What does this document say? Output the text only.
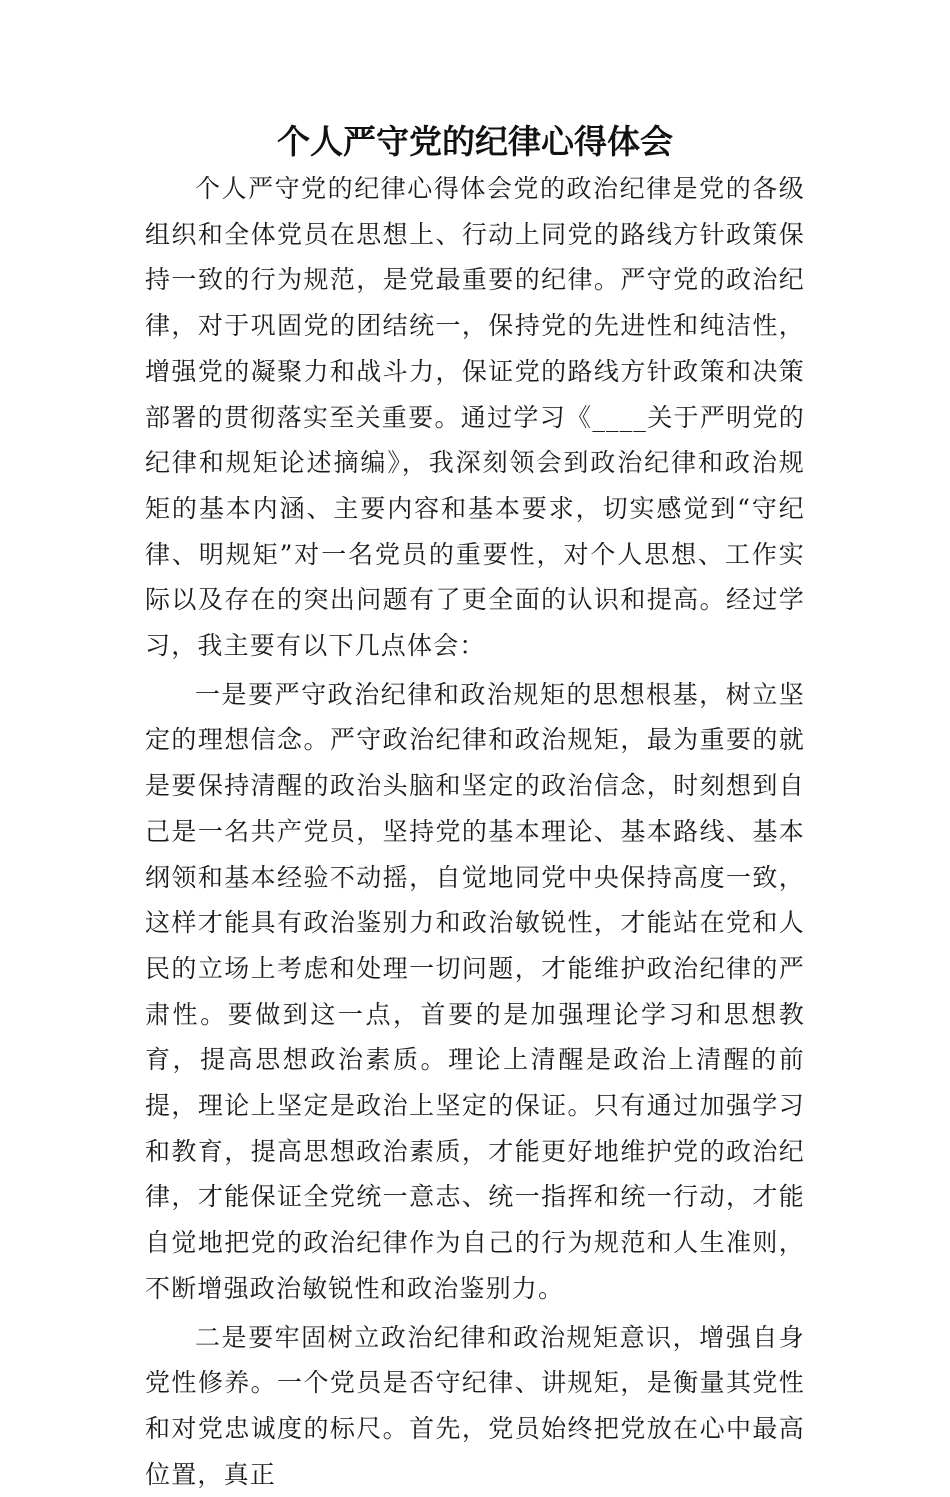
个人严守党的纪律心得体会

个人严守党的纪律心得体会党的政治纪律是党的各级组织和全体党员在思想上、行动上同党的路线方针政策保持一致的行为规范，是党最重要的纪律。严守党的政治纪律，对于巩固党的团结统一，保持党的先进性和纯洁性，增强党的凝聚力和战斗力，保证党的路线方针政策和决策部署的贯彻落实至关重要。通过学习《____关于严明党的纪律和规矩论述摘编》，我深刻领会到政治纪律和政治规矩的基本内涵、主要内容和基本要求，切实感觉到“守纪律、明规矩”对一名党员的重要性，对个人思想、工作实际以及存在的突出问题有了更全面的认识和提高。经过学习，我主要有以下几点体会：

一是要严守政治纪律和政治规矩的思想根基，树立坚定的理想信念。严守政治纪律和政治规矩，最为重要的就是要保持清醒的政治头脑和坚定的政治信念，时刻想到自己是一名共产党员，坚持党的基本理论、基本路线、基本纲领和基本经验不动摇，自觉地同党中央保持高度一致，这样才能具有政治鉴别力和政治敏锐性，才能站在党和人民的立场上考虑和处理一切问题，才能维护政治纪律的严肃性。要做到这一点，首要的是加强理论学习和思想教育，提高思想政治素质。理论上清醒是政治上清醒的前提，理论上坚定是政治上坚定的保证。只有通过加强学习和教育，提高思想政治素质，才能更好地维护党的政治纪律，才能保证全党统一意志、统一指挥和统一行动，才能自觉地把党的政治纪律作为自己的行为规范和人生准则，不断增强政治敏锐性和政治鉴别力。

二是要牢固树立政治纪律和政治规矩意识，增强自身党性修养。一个党员是否守纪律、讲规矩，是衡量其党性和对党忠诚度的标尺。首先，党员始终把党放在心中最高位置，真正
